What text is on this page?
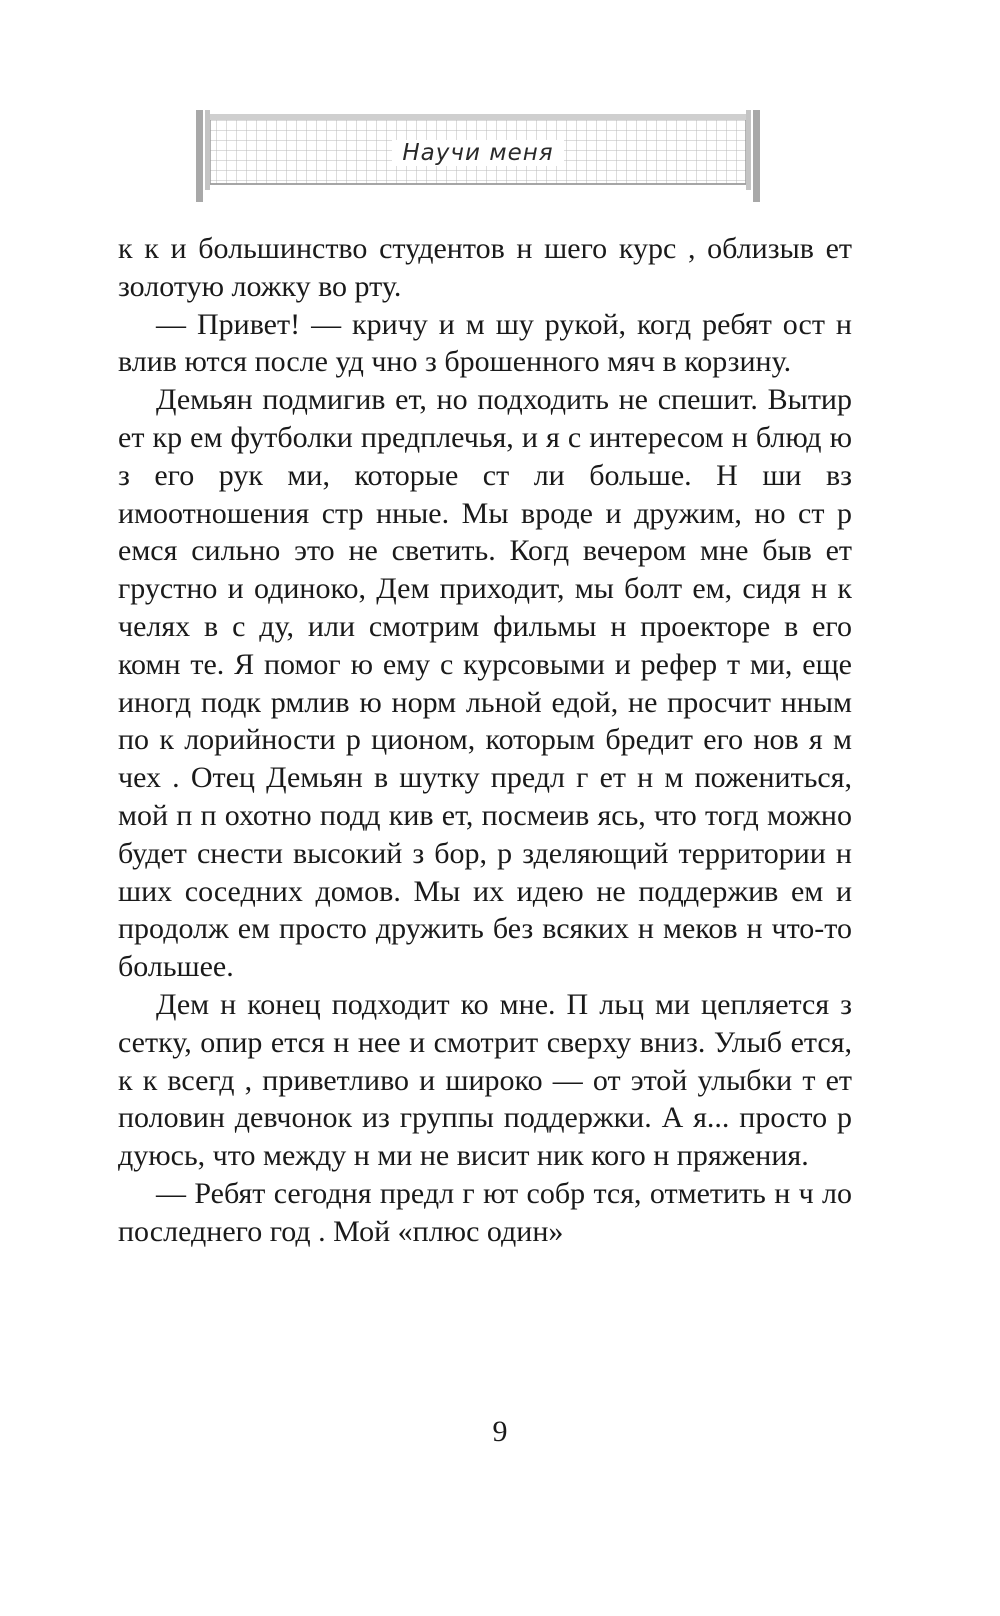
Научи меня

к к и большинство студентов н шего курс , облизыв ет золотую ложку во рту.

— Привет! — кричу и м шу рукой, когд ребят ост н влив ются после уд чно з брошенного мяч в корзину.

Демьян подмигив ет, но подходить не спешит. Вытир ет кр ем футболки предплечья, и я с интересом н блюд ю з его рук ми, которые ст ли больше. Н ши вз имоотношения стр нные. Мы вроде и дружим, но ст р емся сильно это не светить. Когд вечером мне быв ет грустно и одиноко, Дем приходит, мы болт ем, сидя н к челях в с ду, или смотрим фильмы н проекторе в его комн те. Я помог ю ему с курсовыми и рефер т ми, еще иногд подк рмлив ю норм льной едой, не просчит нным по к лорийности р ционом, которым бредит его нов я м чех . Отец Демьян в шутку предл г ет н м пожениться, мой п п охотно подд кив ет, посмеив ясь, что тогд можно будет снести высокий з бор, р зделяющий территории н ших соседних домов. Мы их идею не поддержив ем и продолж ем просто дружить без всяких н меков н что-то большее.

Дем н конец подходит ко мне. П льц ми цепляется з сетку, опир ется н нее и смотрит сверху вниз. Улыб ется, к к всегд , приветливо и широко — от этой улыбки т ет половин девчонок из группы поддержки. А я... просто р дуюсь, что между н ми не висит ник кого н пряжения.

— Ребят сегодня предл г ют собр тся, отметить н ч ло последнего год . Мой «плюс один»

9
